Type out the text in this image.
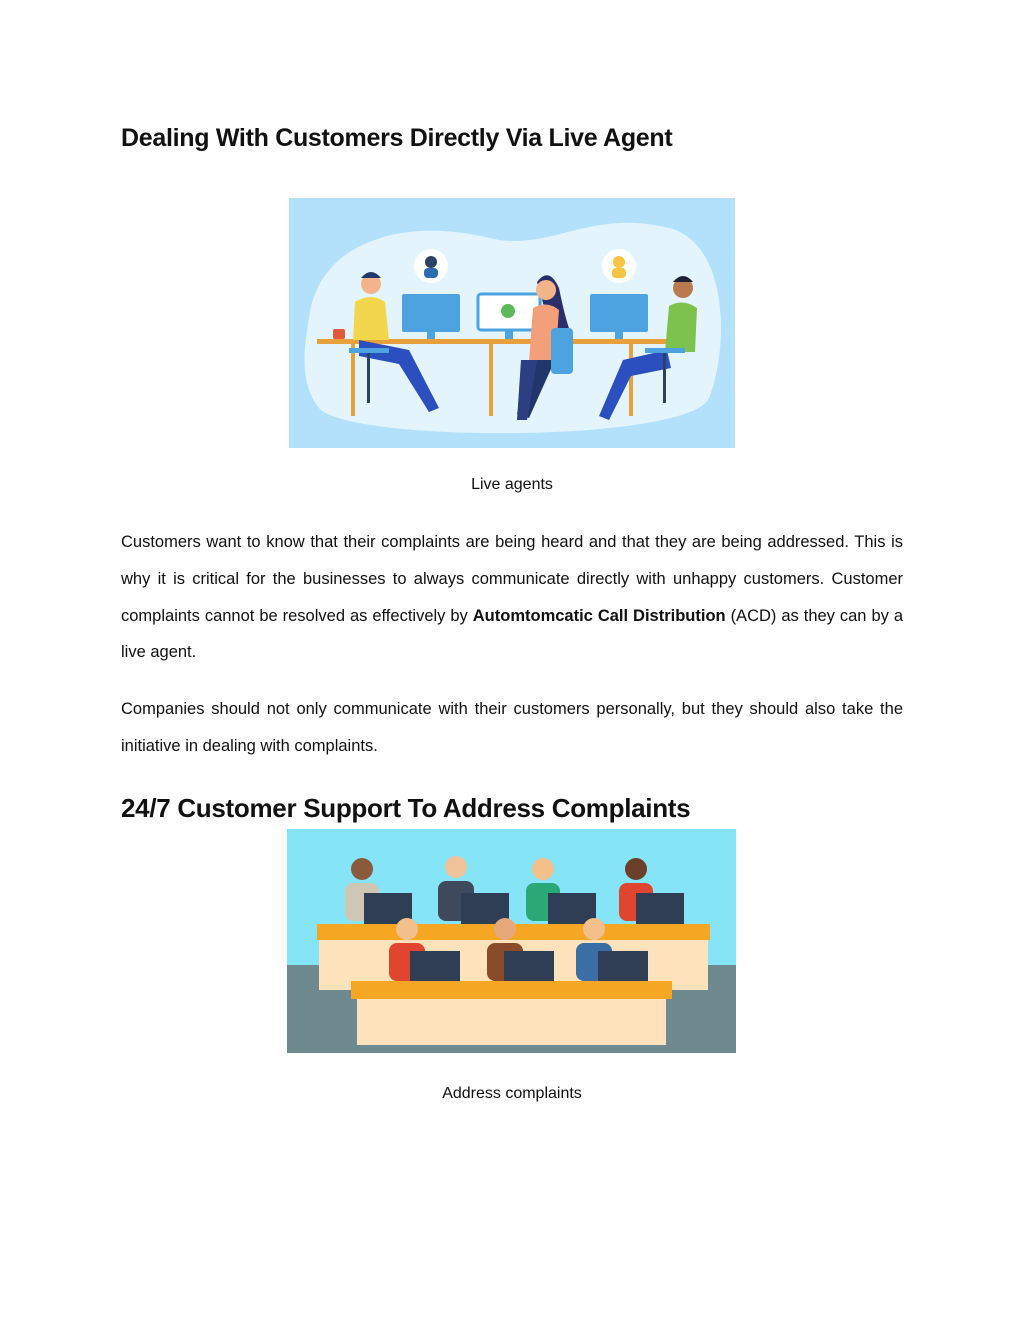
Dealing With Customers Directly Via Live Agent
Live agents

Customers want to know that their complaints are being heard and that they are being addressed. This is why it is critical for the businesses to always communicate directly with unhappy customers. Customer complaints cannot be resolved as effectively by Automtomcatic Call Distribution (ACD) as they can by a live agent.

Companies should not only communicate with their customers personally, but they should also take the initiative in dealing with complaints.

24/7 Customer Support To Address Complaints
Address complaints
